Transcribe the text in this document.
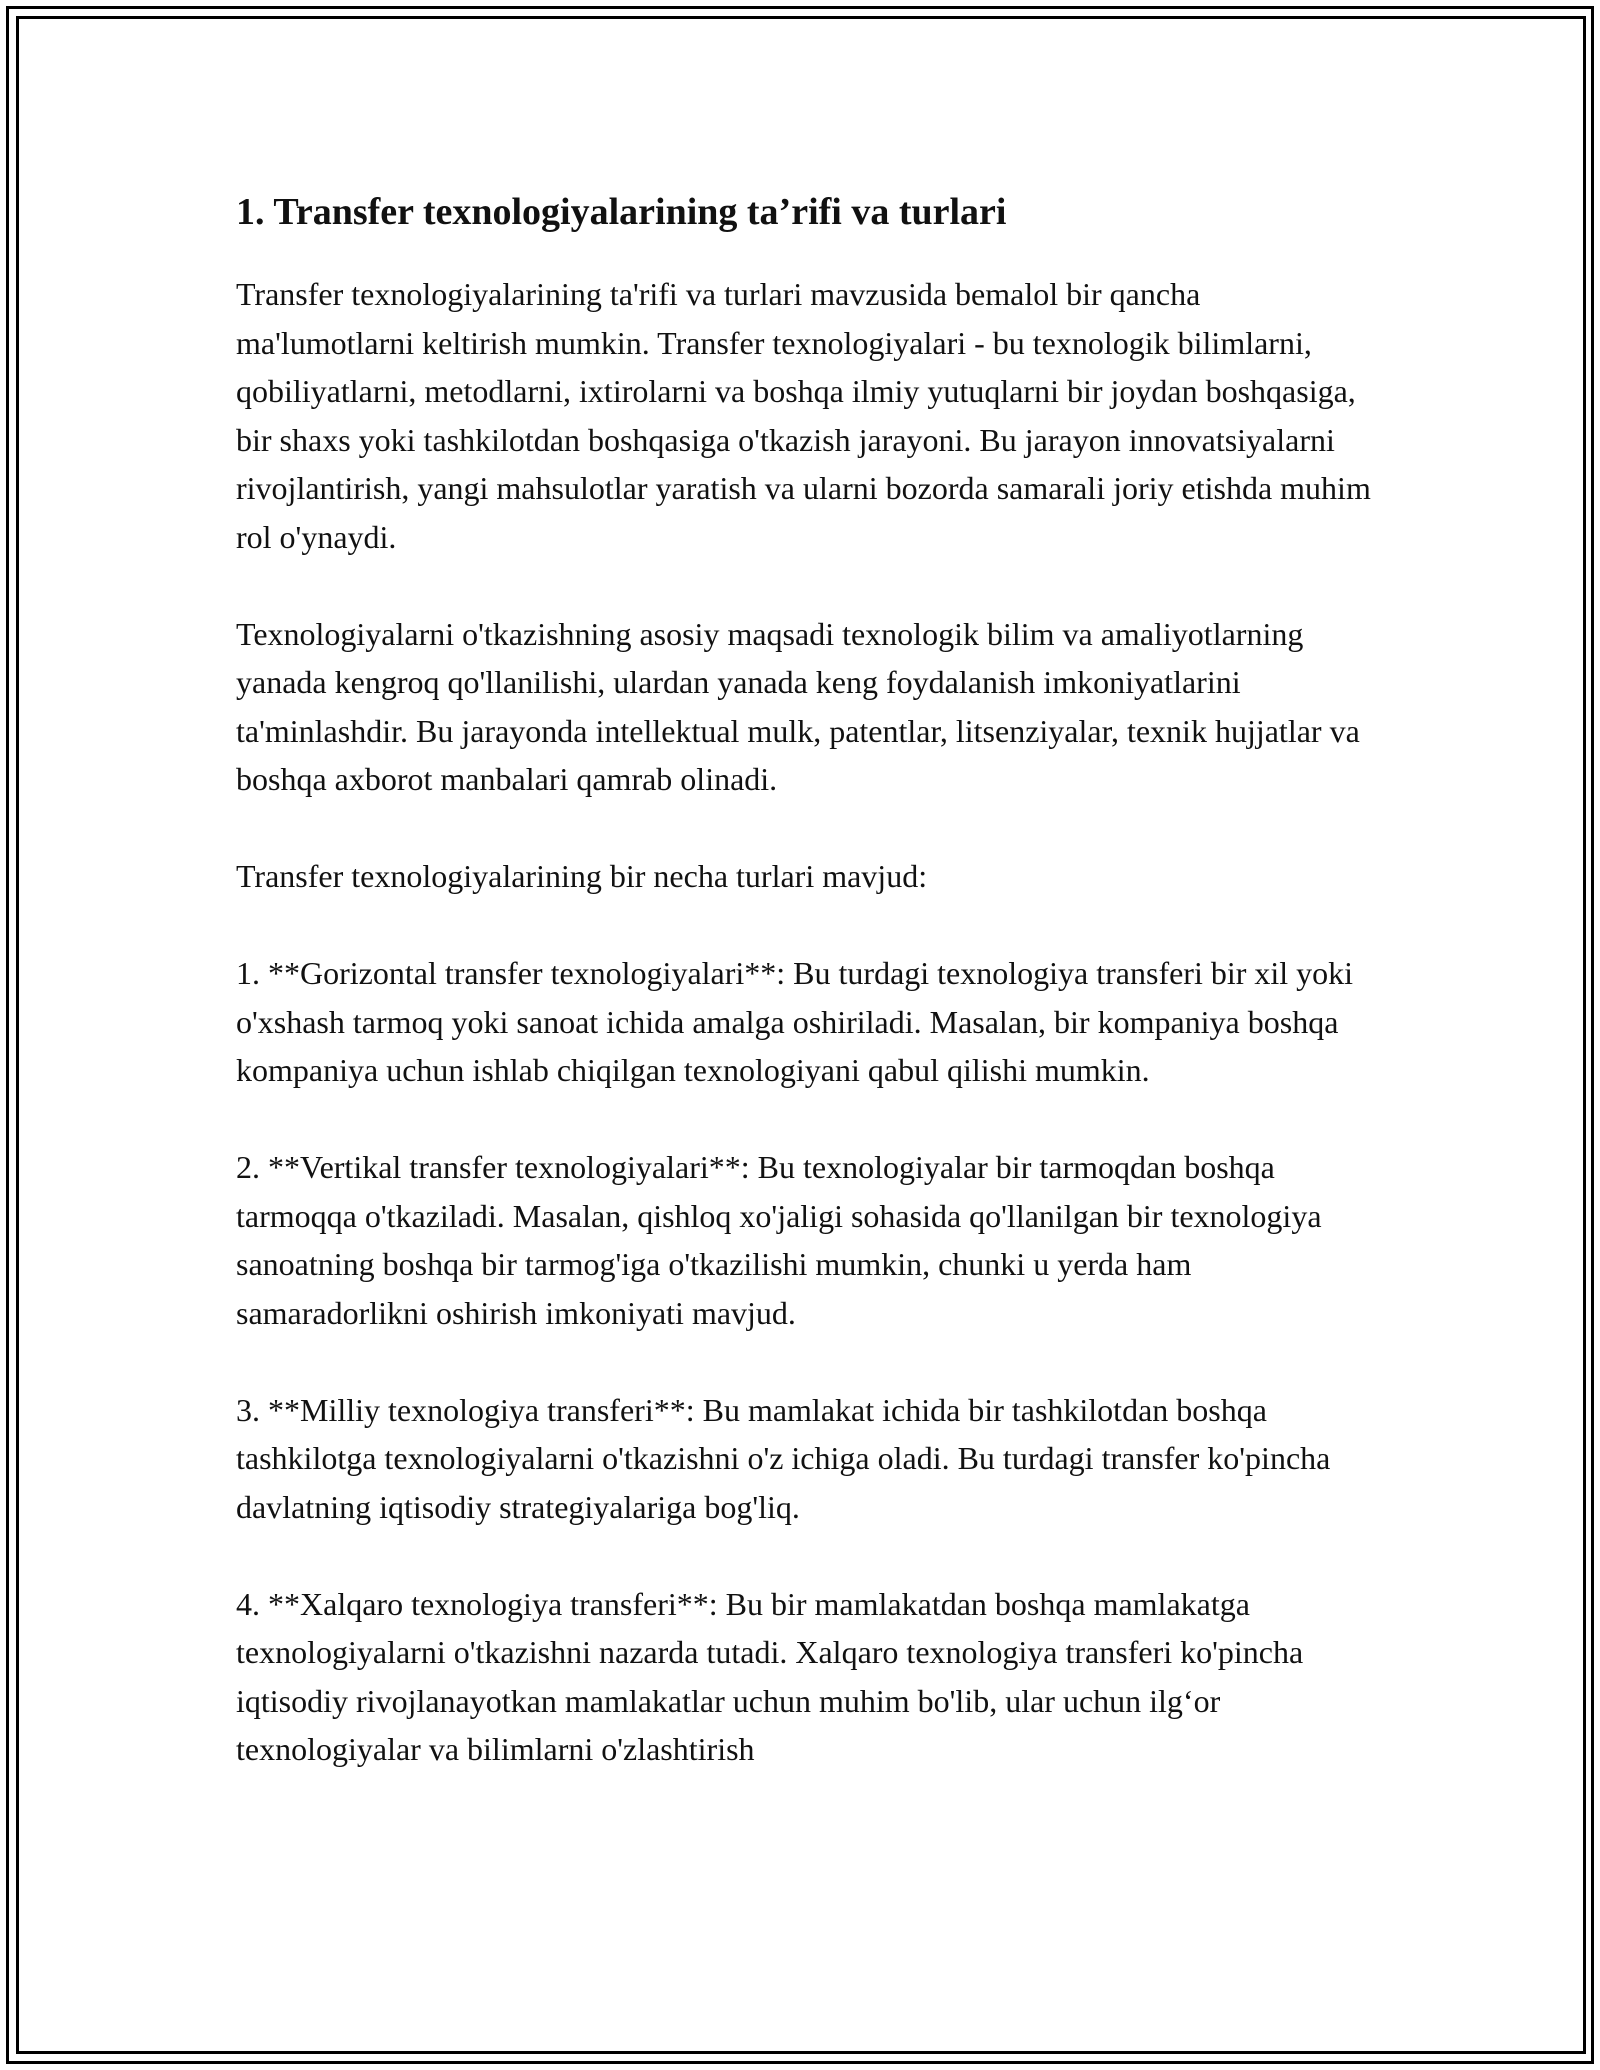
1. Transfer texnologiyalarining ta’rifi va turlari

Transfer texnologiyalarining ta'rifi va turlari mavzusida bemalol bir qancha ma'lumotlarni keltirish mumkin. Transfer texnologiyalari - bu texnologik bilimlarni, qobiliyatlarni, metodlarni, ixtirolarni va boshqa ilmiy yutuqlarni bir joydan boshqasiga, bir shaxs yoki tashkilotdan boshqasiga o'tkazish jarayoni. Bu jarayon innovatsiyalarni rivojlantirish, yangi mahsulotlar yaratish va ularni bozorda samarali joriy etishda muhim rol o'ynaydi.

Texnologiyalarni o'tkazishning asosiy maqsadi texnologik bilim va amaliyotlarning yanada kengroq qo'llanilishi, ulardan yanada keng foydalanish imkoniyatlarini ta'minlashdir. Bu jarayonda intellektual mulk, patentlar, litsenziyalar, texnik hujjatlar va boshqa axborot manbalari qamrab olinadi.

Transfer texnologiyalarining bir necha turlari mavjud:

1. **Gorizontal transfer texnologiyalari**: Bu turdagi texnologiya transferi bir xil yoki o'xshash tarmoq yoki sanoat ichida amalga oshiriladi. Masalan, bir kompaniya boshqa kompaniya uchun ishlab chiqilgan texnologiyani qabul qilishi mumkin.

2. **Vertikal transfer texnologiyalari**: Bu texnologiyalar bir tarmoqdan boshqa tarmoqqa o'tkaziladi. Masalan, qishloq xo'jaligi sohasida qo'llanilgan bir texnologiya sanoatning boshqa bir tarmog'iga o'tkazilishi mumkin, chunki u yerda ham samaradorlikni oshirish imkoniyati mavjud.

3. **Milliy texnologiya transferi**: Bu mamlakat ichida bir tashkilotdan boshqa tashkilotga texnologiyalarni o'tkazishni o'z ichiga oladi. Bu turdagi transfer ko'pincha davlatning iqtisodiy strategiyalariga bog'liq.

4. **Xalqaro texnologiya transferi**: Bu bir mamlakatdan boshqa mamlakatga texnologiyalarni o'tkazishni nazarda tutadi. Xalqaro texnologiya transferi ko'pincha iqtisodiy rivojlanayotkan mamlakatlar uchun muhim bo'lib, ular uchun ilg‘or texnologiyalar va bilimlarni o'zlashtirish
